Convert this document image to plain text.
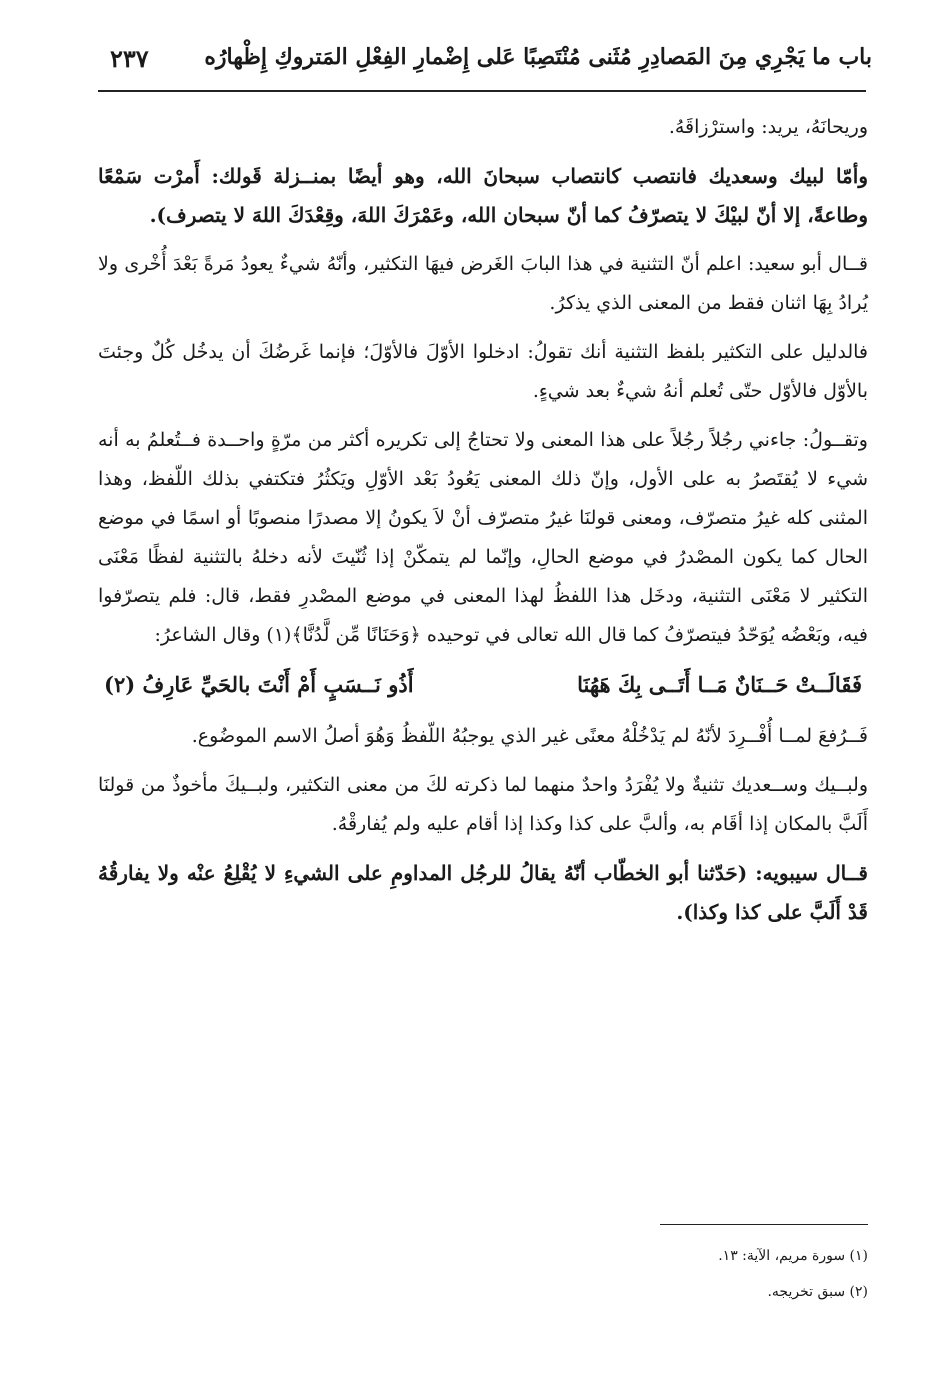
باب ما يَجْرِي مِنَ المَصادِرِ مُثَنى مُنْتَصِبًا عَلى إِضْمارِ الفِعْلِ المَتروكِ إِظْهارُه
٢٣٧

وريحانَهُ، يريد: واسترْزاقَهُ.

وأمّا لبيك وسعديك فانتصب كانتصاب سبحانَ الله، وهو أيضًا بمنــزلة قَولك: أَمرْت سَمْعًا وطاعةً، إلا أنّ لبيْكَ لا يتصرّفُ كما أنّ سبحان الله، وعَمْرَكَ اللهَ، وقِعْدَكَ اللهَ لا يتصرف).

قــال أبو سعيد: اعلم أنّ التثنية في هذا البابَ الغَرض فيهَا التكثير، وأنّهُ شيءٌ يعودُ مَرةً بَعْدَ أُخْرى ولا يُرادُ بِهَا اثنان فقط من المعنى الذي يذكرُ.

فالدليل على التكثير بلفظ التثنية أنك تقولُ: ادخلوا الأوّلَ فالأوّلَ؛ فإنما غَرضُكَ أن يدخُل كُلٌ وجئتَ بالأوّل فالأوّل حتّى تُعلم أنهُ شيءٌ بعد شيءٍ.

وتقــولُ: جاءني رجُلاً رجُلاً على هذا المعنى ولا تحتاجُ إلى تكريره أكثر من مرّةٍ واحــدة فــتُعلمُ به أنه شيء لا يُقتَصرُ به على الأول، وإنّ ذلك المعنى يَعُودُ بَعْد الأوّلِ ويَكثُرُ فتكتفي بذلك اللّفظ، وهذا المثنى كله غيرُ متصرّف، ومعنى قولنَا غيرُ متصرّف أنْ لاَ يكونُ إلا مصدرًا منصوبًا أو اسمًا في موضع الحال كما يكون المصْدرُ في موضع الحالِ، وإنّما لم يتمكّنْ إذا ثُنّيتَ لأنه دخلهُ بالتثنية لفظًا مَعْنَى التكثير لا مَعْنَى التثنية، ودخَل هذا اللفظُ لهذا المعنى في موضع المصْدرِ فقط، قال: فلم يتصرّفوا فيه، وبَعْضُه يُوَحّدُ فيتصرّفُ كما قال الله تعالى في توحيده ﴿وَحَنَانًا مِّن لَّدُنَّا﴾(١) وقال الشاعرُ:

فَقَالَــتْ حَــنَانٌ مَــا أَتَــى بِكَ هَهُنَا
أَذُو نَــسَبٍ أَمْ أَنْتَ بالحَيِّ عَارِفُ (٢)

فَــرُفعَ لمــا أُفْــرِدَ لأنّهُ لم يَدْخُلْهُ معنًى غير الذي يوجبُهُ اللّفظُ وَهُوَ أصلُ الاسم الموضُوع.

ولبــيك وســعديك تثنيةٌ ولا يُفْرَدُ واحدٌ منهما لما ذكرته لكَ من معنى التكثير، ولبــيكَ مأخوذٌ من قولنَا أَلَبَّ بالمكان إذا أقَام به، وألبَّ على كذا وكذا إذا أقام عليه ولم يُفارقْهُ.

قــال سيبويه: (حَدّثنا أبو الخطّاب أنّهُ يقالُ للرجُل المداومِ على الشيءِ لا يُقْلِعُ عنْه ولا يفارقُهُ قَدْ أَلَبَّ على كذا وكذا).

(١) سورة مريم، الآية: ١٣.

(٢) سبق تخريجه.
